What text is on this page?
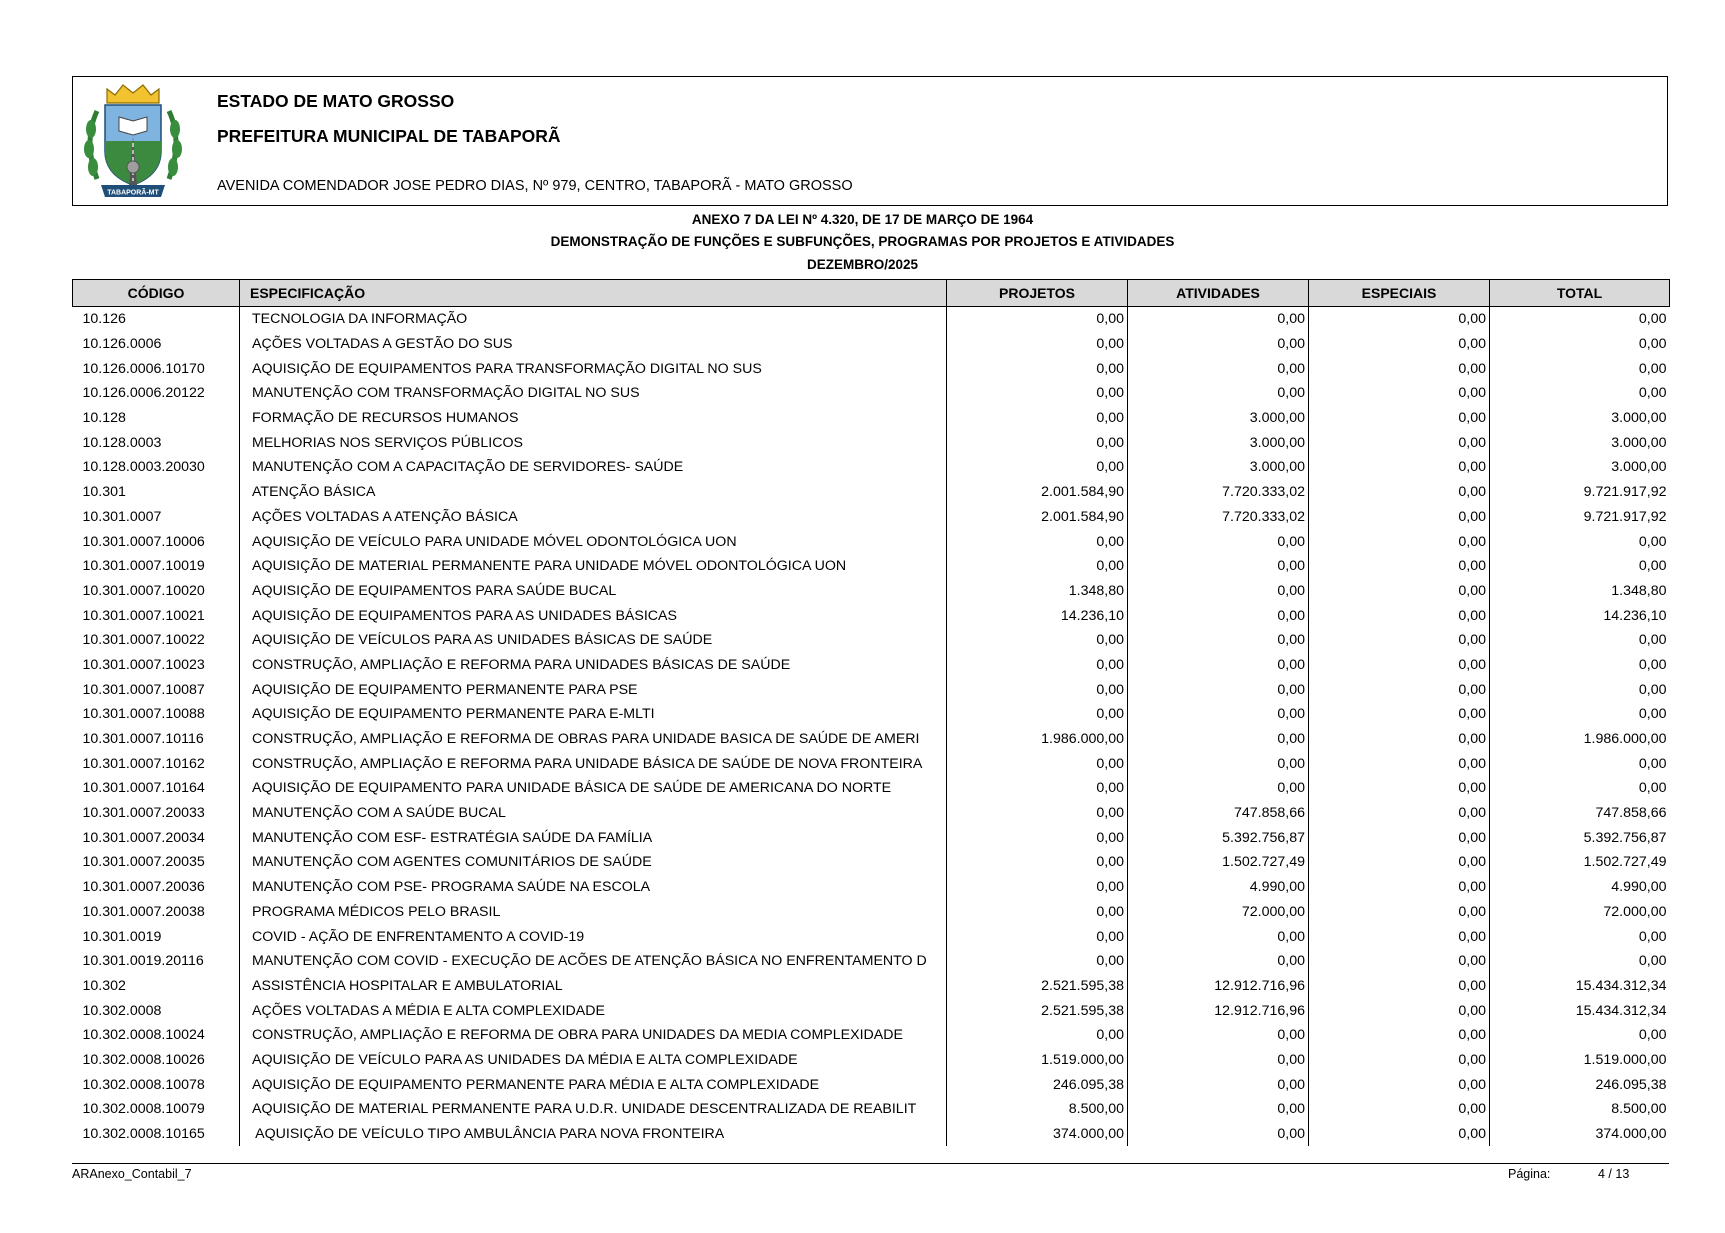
TABAPORÃ-MT
ESTADO DE MATO GROSSO
PREFEITURA MUNICIPAL DE TABAPORÃ
AVENIDA COMENDADOR JOSE PEDRO DIAS, Nº 979, CENTRO, TABAPORÃ - MATO GROSSO
ANEXO 7 DA LEI Nº 4.320, DE 17 DE MARÇO DE 1964
DEMONSTRAÇÃO DE FUNÇÕES E SUBFUNÇÕES, PROGRAMAS POR PROJETOS E ATIVIDADES
DEZEMBRO/2025
CÓDIGO	ESPECIFICAÇÃO	PROJETOS	ATIVIDADES	ESPECIAIS	TOTAL
10.126	TECNOLOGIA DA INFORMAÇÃO	0,00	0,00	0,00	0,00
10.126.0006	AÇÕES VOLTADAS A GESTÃO DO SUS	0,00	0,00	0,00	0,00
10.126.0006.10170	AQUISIÇÃO DE EQUIPAMENTOS PARA TRANSFORMAÇÃO DIGITAL NO SUS	0,00	0,00	0,00	0,00
10.126.0006.20122	MANUTENÇÃO COM TRANSFORMAÇÃO DIGITAL NO SUS	0,00	0,00	0,00	0,00
10.128	FORMAÇÃO DE RECURSOS HUMANOS	0,00	3.000,00	0,00	3.000,00
10.128.0003	MELHORIAS NOS SERVIÇOS PÚBLICOS	0,00	3.000,00	0,00	3.000,00
10.128.0003.20030	MANUTENÇÃO COM A CAPACITAÇÃO DE SERVIDORES- SAÚDE	0,00	3.000,00	0,00	3.000,00
10.301	ATENÇÃO BÁSICA	2.001.584,90	7.720.333,02	0,00	9.721.917,92
10.301.0007	AÇÕES VOLTADAS A ATENÇÃO BÁSICA	2.001.584,90	7.720.333,02	0,00	9.721.917,92
10.301.0007.10006	AQUISIÇÃO DE VEÍCULO PARA UNIDADE MÓVEL ODONTOLÓGICA UON	0,00	0,00	0,00	0,00
10.301.0007.10019	AQUISIÇÃO DE MATERIAL PERMANENTE PARA UNIDADE MÓVEL ODONTOLÓGICA UON	0,00	0,00	0,00	0,00
10.301.0007.10020	AQUISIÇÃO DE EQUIPAMENTOS PARA SAÚDE BUCAL	1.348,80	0,00	0,00	1.348,80
10.301.0007.10021	AQUISIÇÃO DE EQUIPAMENTOS PARA AS UNIDADES BÁSICAS	14.236,10	0,00	0,00	14.236,10
10.301.0007.10022	AQUISIÇÃO DE VEÍCULOS PARA AS UNIDADES BÁSICAS DE SAÚDE	0,00	0,00	0,00	0,00
10.301.0007.10023	CONSTRUÇÃO, AMPLIAÇÃO E REFORMA PARA UNIDADES BÁSICAS DE SAÚDE	0,00	0,00	0,00	0,00
10.301.0007.10087	AQUISIÇÃO DE EQUIPAMENTO PERMANENTE PARA PSE	0,00	0,00	0,00	0,00
10.301.0007.10088	AQUISIÇÃO DE EQUIPAMENTO PERMANENTE PARA E-MLTI	0,00	0,00	0,00	0,00
10.301.0007.10116	CONSTRUÇÃO, AMPLIAÇÃO E REFORMA DE OBRAS PARA UNIDADE BASICA DE SAÚDE DE AMERI	1.986.000,00	0,00	0,00	1.986.000,00
10.301.0007.10162	CONSTRUÇÃO, AMPLIAÇÃO E REFORMA PARA UNIDADE BÁSICA DE SAÚDE DE NOVA FRONTEIRA	0,00	0,00	0,00	0,00
10.301.0007.10164	AQUISIÇÃO DE EQUIPAMENTO PARA UNIDADE BÁSICA DE SAÚDE DE AMERICANA DO NORTE	0,00	0,00	0,00	0,00
10.301.0007.20033	MANUTENÇÃO COM A SAÚDE BUCAL	0,00	747.858,66	0,00	747.858,66
10.301.0007.20034	MANUTENÇÃO COM ESF- ESTRATÉGIA SAÚDE DA FAMÍLIA	0,00	5.392.756,87	0,00	5.392.756,87
10.301.0007.20035	MANUTENÇÃO COM AGENTES COMUNITÁRIOS DE SAÚDE	0,00	1.502.727,49	0,00	1.502.727,49
10.301.0007.20036	MANUTENÇÃO COM PSE- PROGRAMA SAÚDE NA ESCOLA	0,00	4.990,00	0,00	4.990,00
10.301.0007.20038	PROGRAMA MÉDICOS PELO BRASIL	0,00	72.000,00	0,00	72.000,00
10.301.0019	COVID - AÇÃO DE ENFRENTAMENTO A COVID-19	0,00	0,00	0,00	0,00
10.301.0019.20116	MANUTENÇÃO COM COVID - EXECUÇÃO DE ACÕES DE ATENÇÃO BÁSICA NO ENFRENTAMENTO D	0,00	0,00	0,00	0,00
10.302	ASSISTÊNCIA HOSPITALAR E AMBULATORIAL	2.521.595,38	12.912.716,96	0,00	15.434.312,34
10.302.0008	AÇÕES VOLTADAS A MÉDIA E ALTA COMPLEXIDADE	2.521.595,38	12.912.716,96	0,00	15.434.312,34
10.302.0008.10024	CONSTRUÇÃO, AMPLIAÇÃO E REFORMA DE OBRA PARA UNIDADES DA MEDIA COMPLEXIDADE	0,00	0,00	0,00	0,00
10.302.0008.10026	AQUISIÇÃO DE VEÍCULO PARA AS UNIDADES DA MÉDIA E ALTA COMPLEXIDADE	1.519.000,00	0,00	0,00	1.519.000,00
10.302.0008.10078	AQUISIÇÃO DE EQUIPAMENTO PERMANENTE PARA MÉDIA E ALTA COMPLEXIDADE	246.095,38	0,00	0,00	246.095,38
10.302.0008.10079	AQUISIÇÃO DE MATERIAL PERMANENTE PARA U.D.R. UNIDADE DESCENTRALIZADA DE REABILIT	8.500,00	0,00	0,00	8.500,00
10.302.0008.10165	AQUISIÇÃO DE VEÍCULO TIPO AMBULÂNCIA PARA NOVA FRONTEIRA	374.000,00	0,00	0,00	374.000,00
ARAnexo_Contabil_7	Página:	4 / 13
